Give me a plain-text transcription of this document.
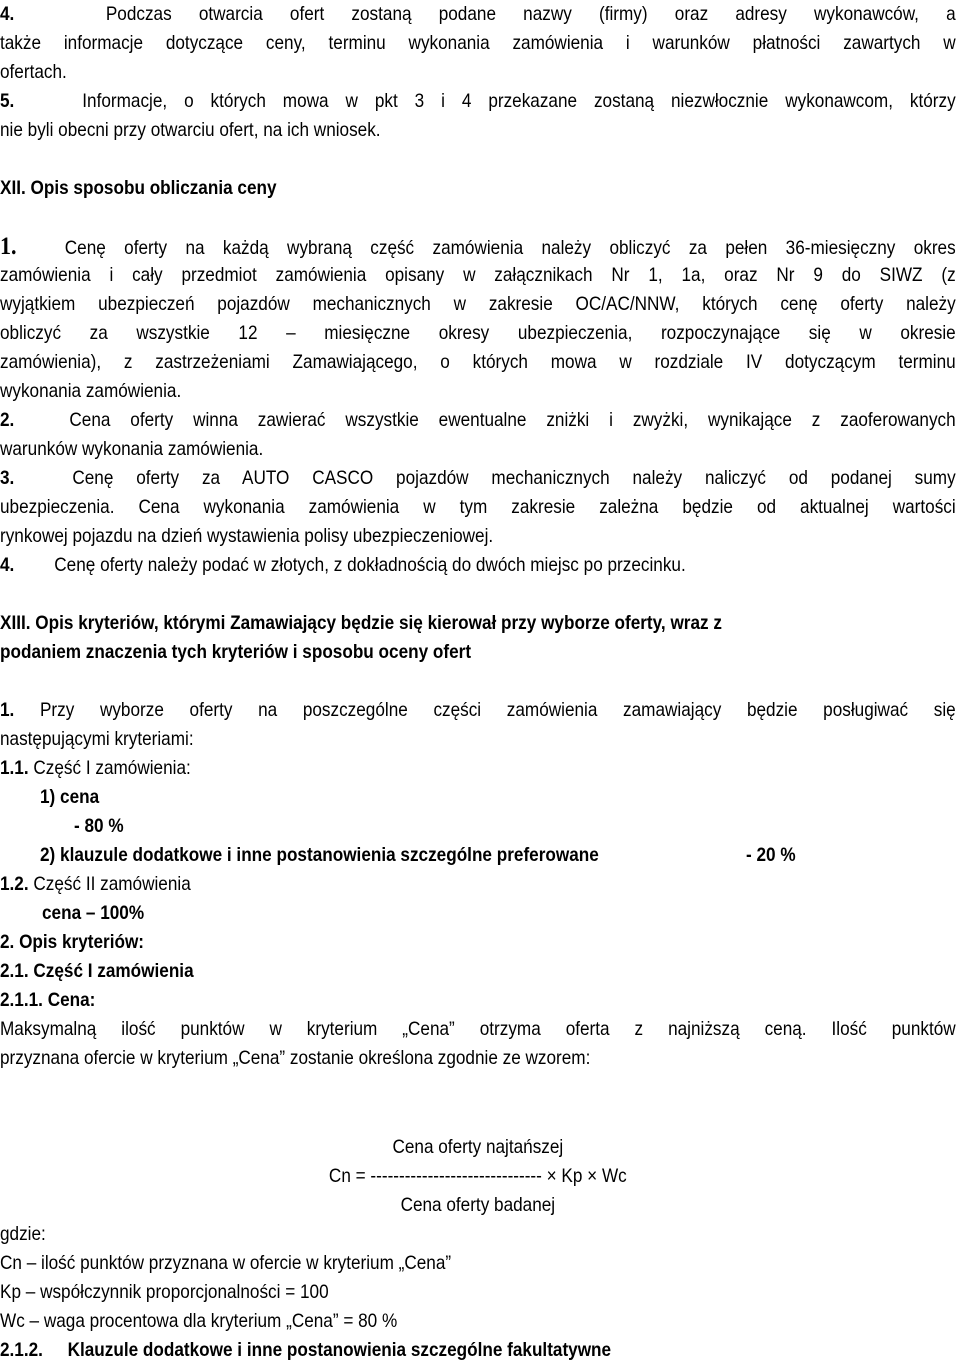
4.	Podczas otwarcia ofert zostaną podane nazwy (firmy) oraz adresy wykonawców, a
także informacje dotyczące ceny, terminu wykonania zamówienia i warunków płatności zawartych w
ofertach.
5.	Informacje, o których mowa w pkt 3 i 4 przekazane zostaną niezwłocznie wykonawcom, którzy
nie byli obecni przy otwarciu ofert, na ich wniosek.
XII. Opis sposobu obliczania ceny
1. Cenę oferty na każdą wybraną część zamówienia należy obliczyć za pełen 36-miesięczny okres
zamówienia i cały przedmiot zamówienia opisany w załącznikach Nr 1, 1a, oraz Nr 9 do SIWZ (z
wyjątkiem ubezpieczeń pojazdów mechanicznych w zakresie OC/AC/NNW, których cenę oferty należy
obliczyć za wszystkie 12 – miesięczne okresy ubezpieczenia, rozpoczynające się w okresie
zamówienia), z zastrzeżeniami Zamawiającego, o których mowa w rozdziale IV dotyczącym terminu
wykonania zamówienia.
2. Cena oferty winna zawierać wszystkie ewentualne zniżki i zwyżki, wynikające z zaoferowanych
warunków wykonania zamówienia.
3. Cenę oferty za AUTO CASCO pojazdów mechanicznych należy naliczyć od podanej sumy
ubezpieczenia. Cena wykonania zamówienia w tym zakresie zależna będzie od aktualnej wartości
rynkowej pojazdu na dzień wystawienia polisy ubezpieczeniowej.
4. Cenę oferty należy podać w złotych, z dokładnością do dwóch miejsc po przecinku.
XIII. Opis kryteriów, którymi Zamawiający będzie się kierował przy wyborze oferty, wraz z
podaniem znaczenia tych kryteriów i sposobu oceny ofert
1. Przy wyborze oferty na poszczególne części zamówienia zamawiający będzie posługiwać się
następującymi kryteriami:
1.1. Część I zamówienia:
1) cena
- 80 %
2) klauzule dodatkowe i inne postanowienia szczególne preferowane	- 20 %
1.2. Część II zamówienia
cena – 100%
2. Opis kryteriów:
2.1. Część I zamówienia
2.1.1. Cena:
Maksymalną ilość punktów w kryterium „Cena” otrzyma oferta z najniższą ceną. Ilość punktów
przyznana ofercie w kryterium „Cena” zostanie określona zgodnie ze wzorem:
Cena oferty najtańszej
Cn = ------------------------------ × Kp × Wc
Cena oferty badanej
gdzie:
Cn – ilość punktów przyznana w ofercie w kryterium „Cena”
Kp – współczynnik proporcjonalności = 100
Wc – waga procentowa dla kryterium „Cena” = 80 %
2.1.2. Klauzule dodatkowe i inne postanowienia szczególne fakultatywne
